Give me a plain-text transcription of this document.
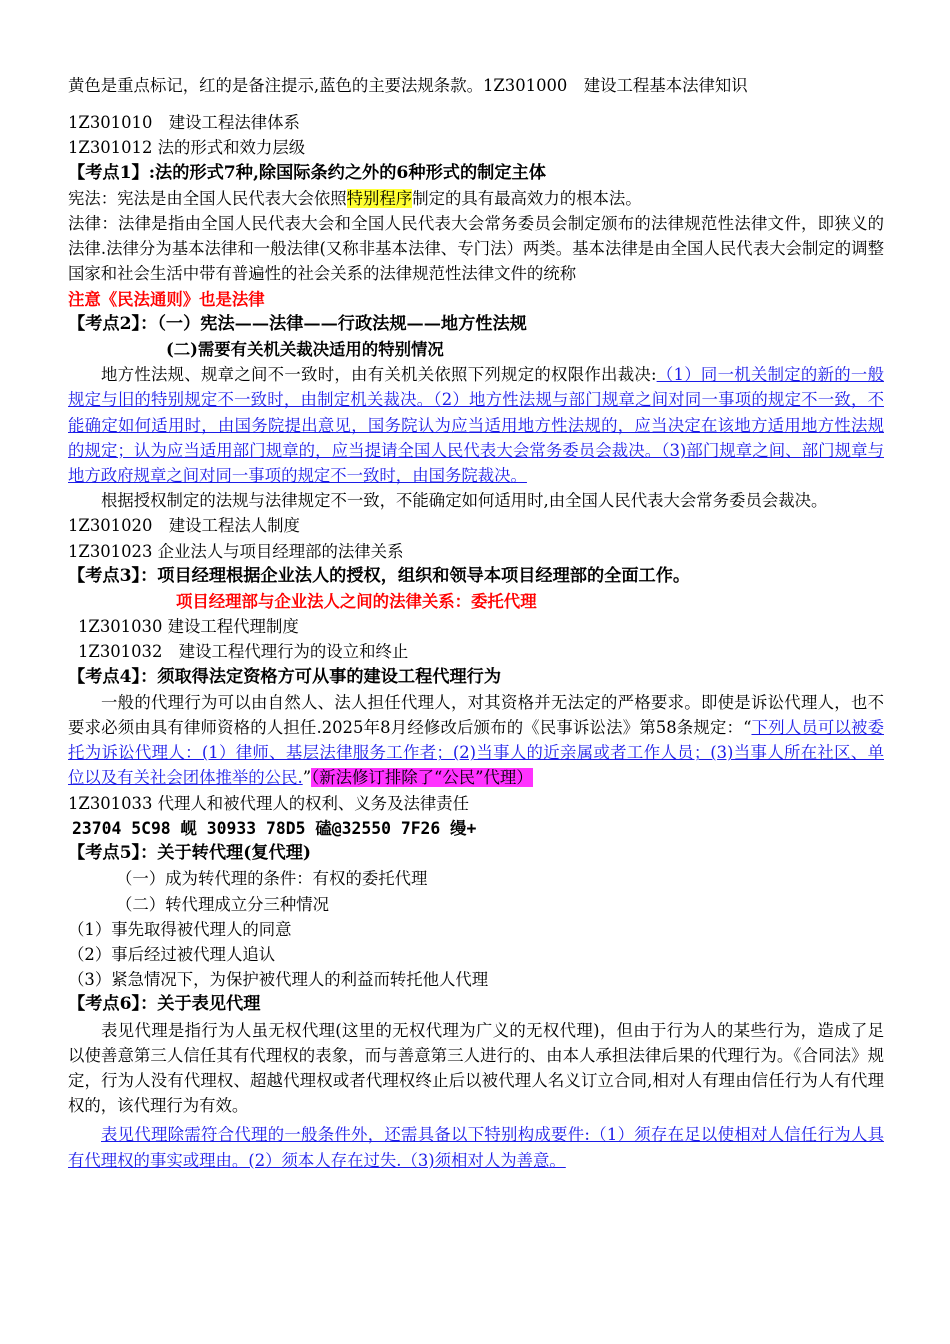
黄色是重点标记，红的是备注提示,蓝色的主要法规条款。1Z301000　建设工程基本法律知识
1Z301010　建设工程法律体系
1Z301012 法的形式和效力层级
【考点1】:法的形式7种,除国际条约之外的6种形式的制定主体
宪法：宪法是由全国人民代表大会依照特别程序制定的具有最高效力的根本法。
法律：法律是指由全国人民代表大会和全国人民代表大会常务委员会制定颁布的法律规范性法律文件，即狭义的法律.法律分为基本法律和一般法律(又称非基本法律、专门法）两类。基本法律是由全国人民代表大会制定的调整国家和社会生活中带有普遍性的社会关系的法律规范性法律文件的统称
注意《民法通则》也是法律
【考点2】：（一）宪法——法律——行政法规——地方性法规
(二)需要有关机关裁决适用的特别情况
地方性法规、规章之间不一致时，由有关机关依照下列规定的权限作出裁决:（1）同一机关制定的新的一般规定与旧的特别规定不一致时，由制定机关裁决。（2）地方性法规与部门规章之间对同一事项的规定不一致，不能确定如何适用时，由国务院提出意见，国务院认为应当适用地方性法规的，应当决定在该地方适用地方性法规的规定；认为应当适用部门规章的，应当提请全国人民代表大会常务委员会裁决。（3)部门规章之间、部门规章与地方政府规章之间对同一事项的规定不一致时，由国务院裁决。
根据授权制定的法规与法律规定不一致，不能确定如何适用时,由全国人民代表大会常务委员会裁决。
1Z301020　建设工程法人制度
1Z301023 企业法人与项目经理部的法律关系
【考点3】：项目经理根据企业法人的授权，组织和领导本项目经理部的全面工作。
项目经理部与企业法人之间的法律关系：委托代理
1Z301030 建设工程代理制度
1Z301032　建设工程代理行为的设立和终止
【考点4】：须取得法定资格方可从事的建设工程代理行为
一般的代理行为可以由自然人、法人担任代理人，对其资格并无法定的严格要求。即使是诉讼代理人，也不要求必须由具有律师资格的人担任.2025年8月经修改后颁布的《民事诉讼法》第58条规定：“下列人员可以被委托为诉讼代理人：(1）律师、基层法律服务工作者；(2)当事人的近亲属或者工作人员；(3)当事人所在社区、单位以及有关社会团体推举的公民.”（新法修订排除了“公民”代理）
1Z301033 代理人和被代理人的权利、义务及法律责任
23704 5C98 岘 30933 78D5 磕@32550 7F26 缦+
【考点5】：关于转代理(复代理)
（一）成为转代理的条件：有权的委托代理
（二）转代理成立分三种情况
（1）事先取得被代理人的同意
（2）事后经过被代理人追认
（3）紧急情况下，为保护被代理人的利益而转托他人代理
【考点6】：关于表见代理
表见代理是指行为人虽无权代理(这里的无权代理为广义的无权代理)，但由于行为人的某些行为，造成了足以使善意第三人信任其有代理权的表象，而与善意第三人进行的、由本人承担法律后果的代理行为。《合同法》规定，行为人没有代理权、超越代理权或者代理权终止后以被代理人名义订立合同,相对人有理由信任行为人有代理权的，该代理行为有效。
表见代理除需符合代理的一般条件外，还需具备以下特别构成要件:（1）须存在足以使相对人信任行为人具有代理权的事实或理由。(2）须本人存在过失.（3)须相对人为善意。
